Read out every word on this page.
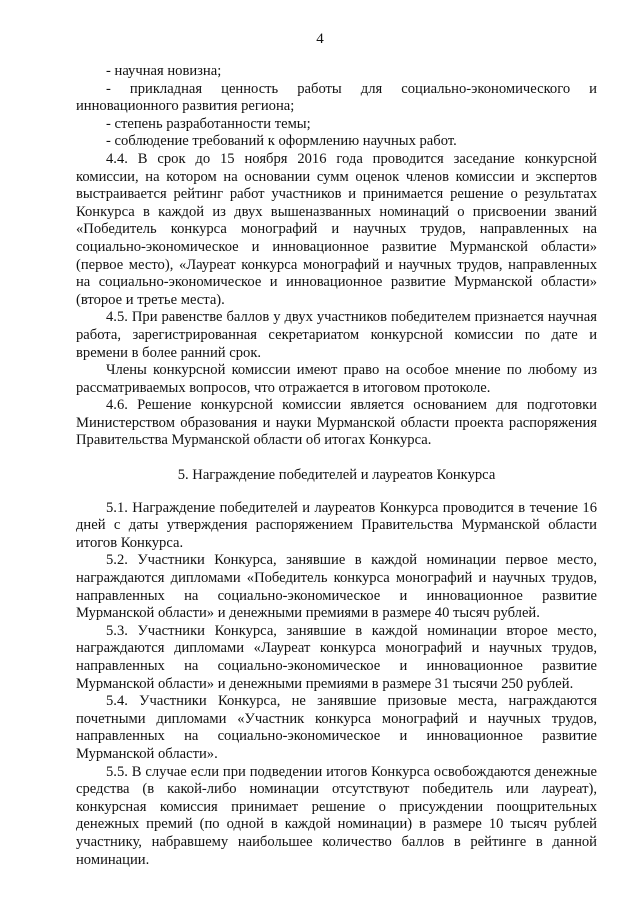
4
- научная новизна;
- прикладная ценность работы для социально-экономического и инновационного развития региона;
- степень разработанности темы;
- соблюдение требований к оформлению научных работ.

4.4. В срок до 15 ноября 2016 года проводится заседание конкурсной комиссии, на котором на основании сумм оценок членов комиссии и экспертов выстраивается рейтинг работ участников и принимается решение о результатах Конкурса в каждой из двух вышеназванных номинаций о присвоении званий «Победитель конкурса монографий и научных трудов, направленных на социально-экономическое и инновационное развитие Мурманской области» (первое место), «Лауреат конкурса монографий и научных трудов, направленных на социально-экономическое и инновационное развитие Мурманской области» (второе и третье места).

4.5. При равенстве баллов у двух участников победителем признается научная работа, зарегистрированная секретариатом конкурсной комиссии по дате и времени в более ранний срок.

Члены конкурсной комиссии имеют право на особое мнение по любому из рассматриваемых вопросов, что отражается в итоговом протоколе.

4.6. Решение конкурсной комиссии является основанием для подготовки Министерством образования и науки Мурманской области проекта распоряжения Правительства Мурманской области об итогах Конкурса.

5. Награждение победителей и лауреатов Конкурса

5.1. Награждение победителей и лауреатов Конкурса проводится в течение 16 дней с даты утверждения распоряжением Правительства Мурманской области итогов Конкурса.

5.2. Участники Конкурса, занявшие в каждой номинации первое место, награждаются дипломами «Победитель конкурса монографий и научных трудов, направленных на социально-экономическое и инновационное развитие Мурманской области» и денежными премиями в размере 40 тысяч рублей.

5.3. Участники Конкурса, занявшие в каждой номинации второе место, награждаются дипломами «Лауреат конкурса монографий и научных трудов, направленных на социально-экономическое и инновационное развитие Мурманской области» и денежными премиями в размере 31 тысячи 250 рублей.

5.4. Участники Конкурса, не занявшие призовые места, награждаются почетными дипломами «Участник конкурса монографий и научных трудов, направленных на социально-экономическое и инновационное развитие Мурманской области».

5.5. В случае если при подведении итогов Конкурса освобождаются денежные средства (в какой-либо номинации отсутствуют победитель или лауреат), конкурсная комиссия принимает решение о присуждении поощрительных денежных премий (по одной в каждой номинации) в размере 10 тысяч рублей участнику, набравшему наибольшее количество баллов в рейтинге в данной номинации.
